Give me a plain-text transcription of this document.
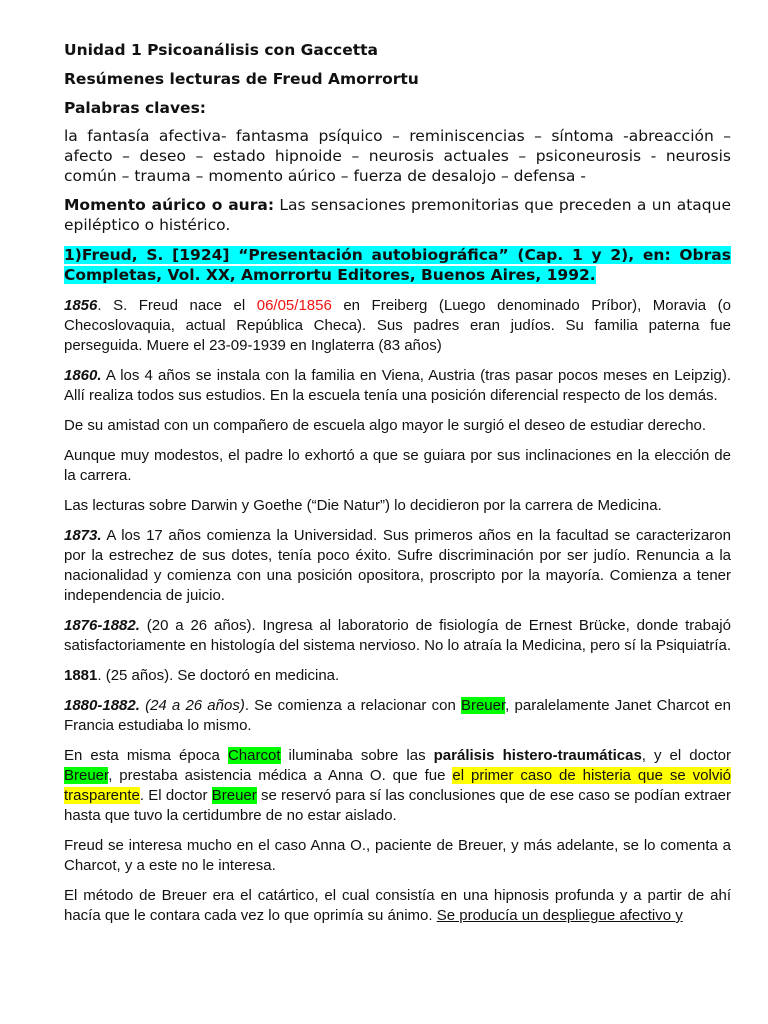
Unidad 1 Psicoanálisis con Gaccetta

Resúmenes lecturas de Freud Amorrortu

Palabras claves:

la fantasía afectiva- fantasma psíquico – reminiscencias – síntoma -abreacción – afecto – deseo – estado hipnoide – neurosis actuales – psiconeurosis - neurosis común – trauma – momento aúrico – fuerza de desalojo – defensa -

Momento aúrico o aura: Las sensaciones premonitorias que preceden a un ataque epiléptico o histérico.

1)Freud, S. [1924] “Presentación autobiográfica” (Cap. 1 y 2), en: Obras Completas, Vol. XX, Amorrortu Editores, Buenos Aires, 1992.

1856. S. Freud nace el 06/05/1856 en Freiberg (Luego denominado Príbor), Moravia (o Checoslovaquia, actual República Checa). Sus padres eran judíos. Su familia paterna fue perseguida. Muere el 23-09-1939 en Inglaterra (83 años)

1860. A los 4 años se instala con la familia en Viena, Austria (tras pasar pocos meses en Leipzig). Allí realiza todos sus estudios. En la escuela tenía una posición diferencial respecto de los demás.

De su amistad con un compañero de escuela algo mayor le surgió el deseo de estudiar derecho.

Aunque muy modestos, el padre lo exhortó a que se guiara por sus inclinaciones en la elección de la carrera.

Las lecturas sobre Darwin y Goethe (“Die Natur”) lo decidieron por la carrera de Medicina.

1873. A los 17 años comienza la Universidad. Sus primeros años en la facultad se caracterizaron por la estrechez de sus dotes, tenía poco éxito. Sufre discriminación por ser judío. Renuncia a la nacionalidad y comienza con una posición opositora, proscripto por la mayoría. Comienza a tener independencia de juicio.

1876-1882. (20 a 26 años). Ingresa al laboratorio de fisiología de Ernest Brücke, donde trabajó satisfactoriamente en histología del sistema nervioso. No lo atraía la Medicina, pero sí la Psiquiatría.

1881. (25 años). Se doctoró en medicina.

1880-1882. (24 a 26 años). Se comienza a relacionar con Breuer, paralelamente Janet Charcot en Francia estudiaba lo mismo.

En esta misma época Charcot iluminaba sobre las parálisis histero-traumáticas, y el doctor Breuer, prestaba asistencia médica a Anna O. que fue el primer caso de histeria que se volvió trasparente. El doctor Breuer se reservó para sí las conclusiones que de ese caso se podían extraer hasta que tuvo la certidumbre de no estar aislado.

Freud se interesa mucho en el caso Anna O., paciente de Breuer, y más adelante, se lo comenta a Charcot, y a este no le interesa.

El método de Breuer era el catártico, el cual consistía en una hipnosis profunda y a partir de ahí hacía que le contara cada vez lo que oprimía su ánimo. Se producía un despliegue afectivo y
